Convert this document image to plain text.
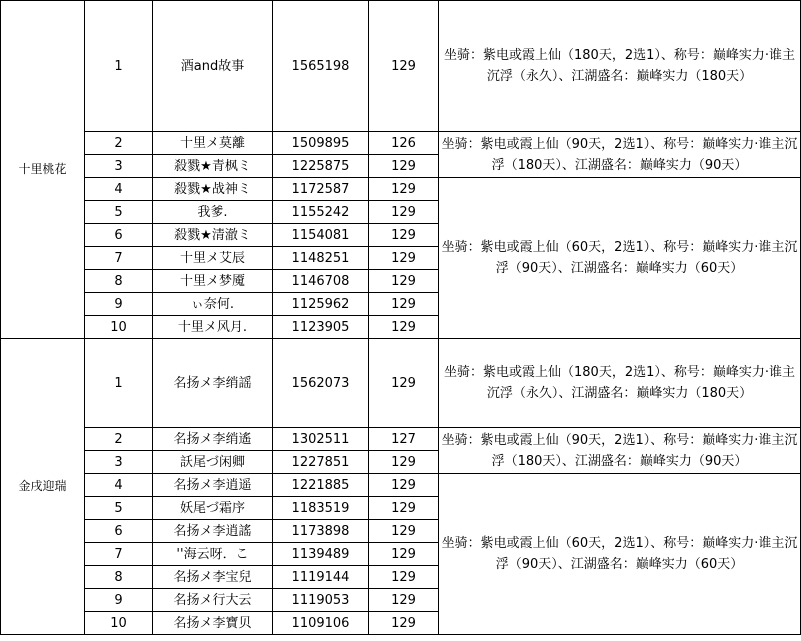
十里桃花	1	酒and故事	1565198	129	坐骑：紫电或霞上仙（180天，2选1）、称号：巅峰实力·谁主沉浮（永久）、江湖盛名：巅峰实力（180天）
	2	十里メ莫離	1509895	126	坐骑：紫电或霞上仙（90天，2选1）、称号：巅峰实力·谁主沉浮（180天）、江湖盛名：巅峰实力（90天）
	3	殺戮★青枫ミ	1225875	129	
	4	殺戮★战神ミ	1172587	129	坐骑：紫电或霞上仙（60天，2选1）、称号：巅峰实力·谁主沉浮（90天）、江湖盛名：巅峰实力（60天）
	5	我爹.	1155242	129	
	6	殺戮★清澈ミ	1154081	129	
	7	十里メ艾辰	1148251	129	
	8	十里メ梦魇	1146708	129	
	9	ぃ奈何.	1125962	129	
	10	十里メ风月.	1123905	129	
金戌迎瑞	1	名扬メ李绡謡	1562073	129	坐骑：紫电或霞上仙（180天，2选1）、称号：巅峰实力·谁主沉浮（永久）、江湖盛名：巅峰实力（180天）
	2	名扬メ李绡遙	1302511	127	坐骑：紫电或霞上仙（90天，2选1）、称号：巅峰实力·谁主沉浮（180天）、江湖盛名：巅峰实力（90天）
	3	訞尾づ闲卿	1227851	129	
	4	名扬メ李逍遥	1221885	129	坐骑：紫电或霞上仙（60天，2选1）、称号：巅峰实力·谁主沉浮（90天）、江湖盛名：巅峰实力（60天）
	5	妖尾づ霜序	1183519	129	
	6	名扬メ李逍謠	1173898	129	
	7	''海云呀．こ	1139489	129	
	8	名扬メ李宝兒	1119144	129	
	9	名扬メ行大云	1119053	129	
	10	名扬メ李寶贝	1109106	129	
